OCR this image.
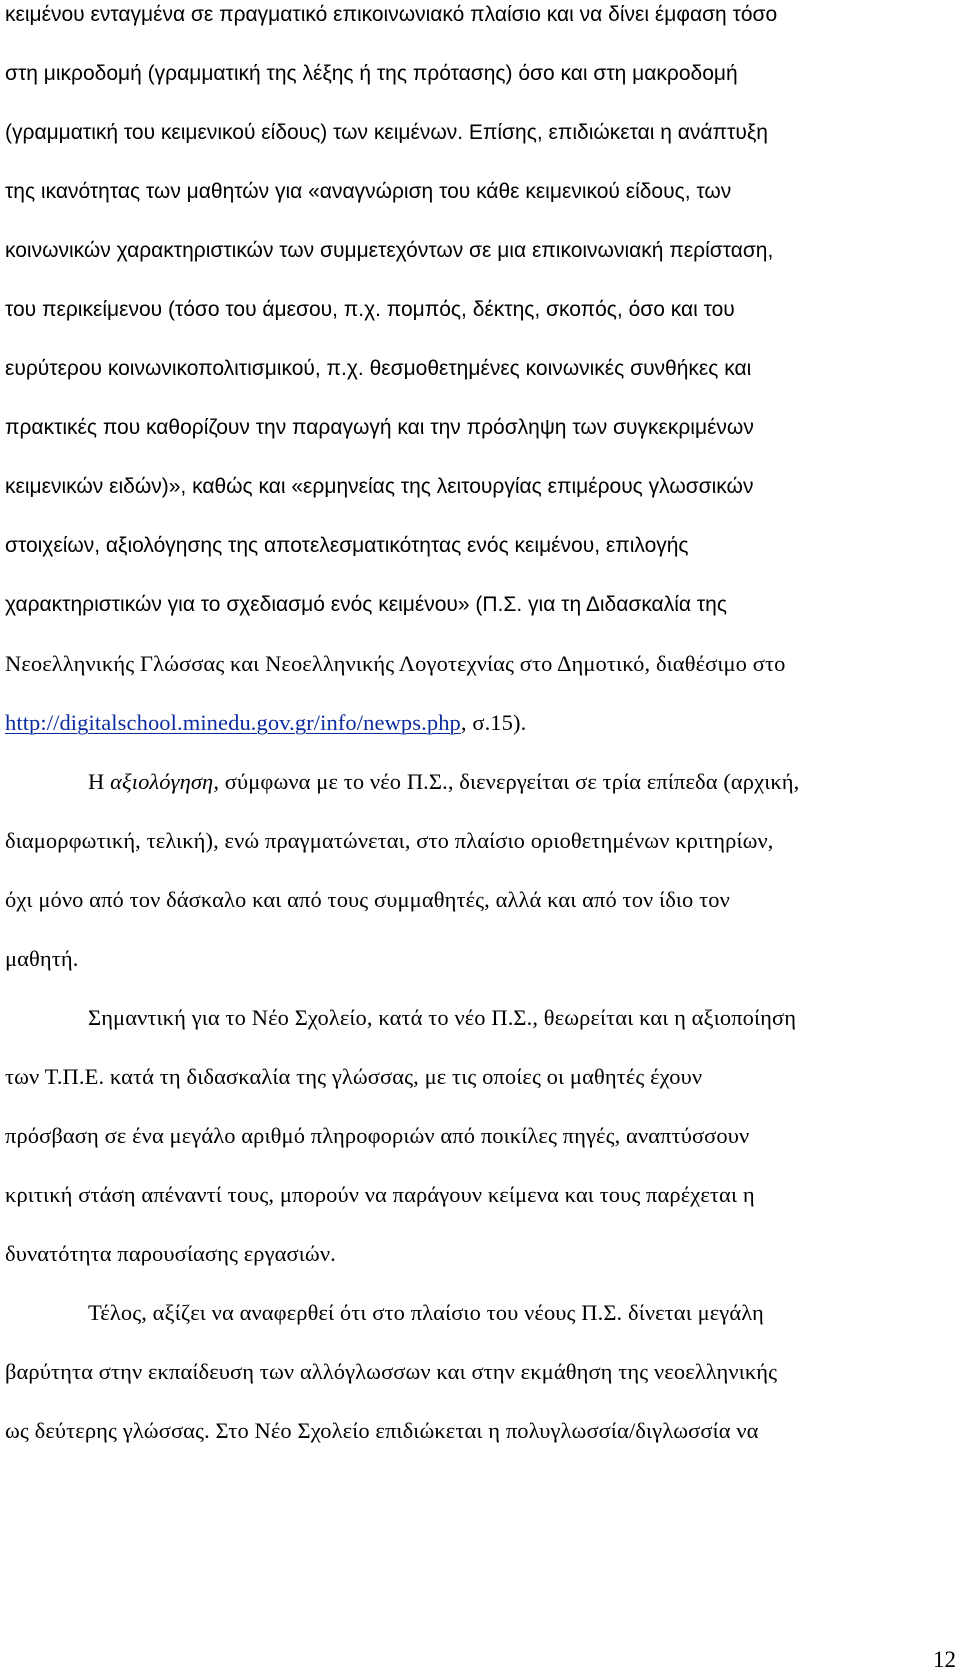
κειμένου ενταγμένα σε πραγματικό επικοινωνιακό πλαίσιο και να δίνει έμφαση τόσο
στη μικροδομή (γραμματική της λέξης ή της πρότασης) όσο και στη μακροδομή
(γραμματική του κειμενικού είδους) των κειμένων. Επίσης, επιδιώκεται η ανάπτυξη
της ικανότητας των μαθητών για «αναγνώριση του κάθε κειμενικού είδους, των
κοινωνικών χαρακτηριστικών των συμμετεχόντων σε μια επικοινωνιακή περίσταση,
του περικείμενου (τόσο του άμεσου, π.χ. πομπός, δέκτης, σκοπός, όσο και του
ευρύτερου κοινωνικοπολιτισμικού, π.χ. θεσμοθετημένες κοινωνικές συνθήκες και
πρακτικές που καθορίζουν την παραγωγή και την πρόσληψη των συγκεκριμένων
κειμενικών ειδών)», καθώς και «ερμηνείας της λειτουργίας επιμέρους γλωσσικών
στοιχείων, αξιολόγησης της αποτελεσματικότητας ενός κειμένου, επιλογής
χαρακτηριστικών για το σχεδιασμό ενός κειμένου» (Π.Σ. για τη Διδασκαλία της
Νεοελληνικής Γλώσσας και Νεοελληνικής Λογοτεχνίας στο Δημοτικό, διαθέσιμο στο
http://digitalschool.minedu.gov.gr/info/newps.php, σ.15).
Η αξιολόγηση, σύμφωνα με το νέο Π.Σ., διενεργείται σε τρία επίπεδα (αρχική,
διαμορφωτική, τελική), ενώ πραγματώνεται, στο πλαίσιο οριοθετημένων κριτηρίων,
όχι μόνο από τον δάσκαλο και από τους συμμαθητές, αλλά και από τον ίδιο τον
μαθητή.
Σημαντική για το Νέο Σχολείο, κατά το νέο Π.Σ., θεωρείται και η αξιοποίηση
των Τ.Π.Ε. κατά τη διδασκαλία της γλώσσας, με τις οποίες οι μαθητές έχουν
πρόσβαση σε ένα μεγάλο αριθμό πληροφοριών από ποικίλες πηγές, αναπτύσσουν
κριτική στάση απέναντί τους, μπορούν να παράγουν κείμενα και τους παρέχεται η
δυνατότητα παρουσίασης εργασιών.
Τέλος, αξίζει να αναφερθεί ότι στο πλαίσιο του νέους Π.Σ. δίνεται μεγάλη
βαρύτητα στην εκπαίδευση των αλλόγλωσσων και στην εκμάθηση της νεοελληνικής
ως δεύτερης γλώσσας. Στο Νέο Σχολείο επιδιώκεται η πολυγλωσσία/διγλωσσία να
12
